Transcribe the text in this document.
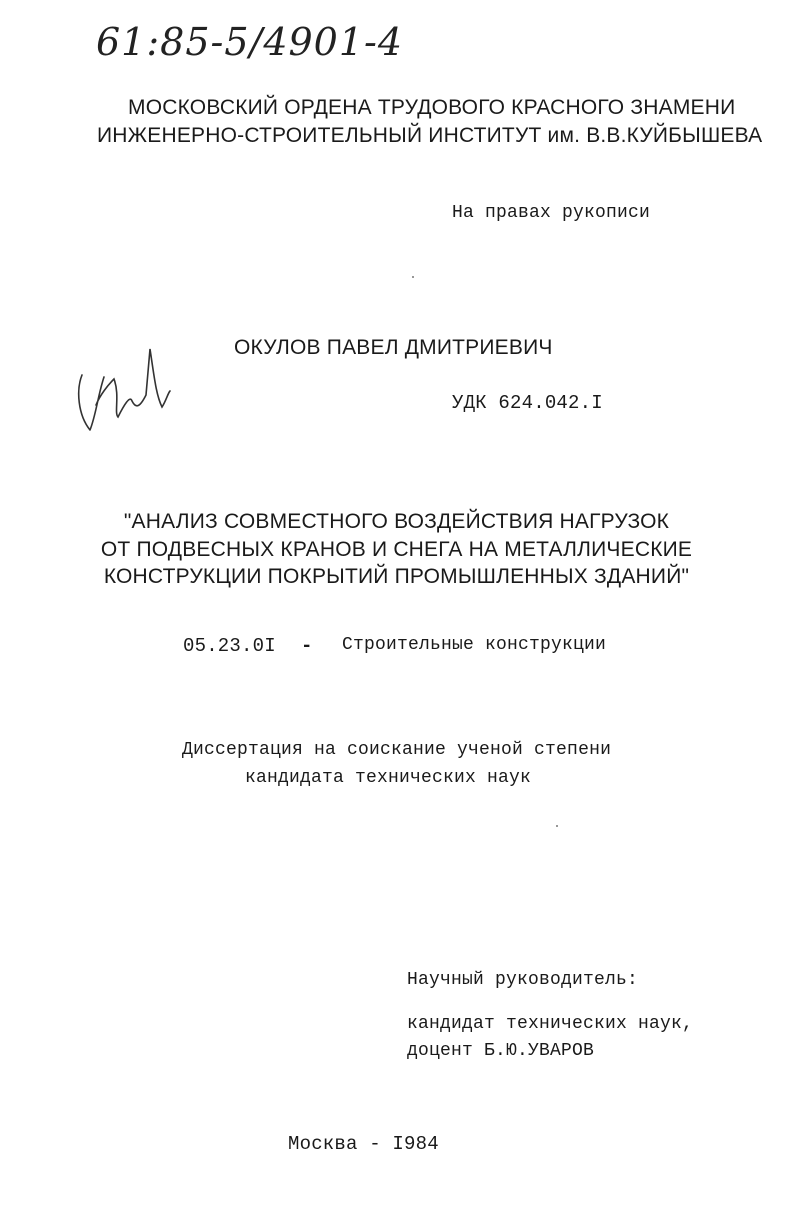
61:85-5/4901-4
МОСКОВСКИЙ ОРДЕНА ТРУДОВОГО КРАСНОГО ЗНАМЕНИ
ИНЖЕНЕРНО-СТРОИТЕЛЬНЫЙ ИНСТИТУТ им. В.В.КУЙБЫШЕВА
На правах рукописи
ОКУЛОВ ПАВЕЛ ДМИТРИЕВИЧ
УДК 624.042.I
"АНАЛИЗ СОВМЕСТНОГО ВОЗДЕЙСТВИЯ НАГРУЗОК
ОТ ПОДВЕСНЫХ КРАНОВ И СНЕГА НА МЕТАЛЛИЧЕСКИЕ
КОНСТРУКЦИИ ПОКРЫТИЙ ПРОМЫШЛЕННЫХ ЗДАНИЙ"
05.23.0I - Строительные конструкции
Диссертация на соискание ученой степени
кандидата технических наук
Научный руководитель:
кандидат технических наук,
доцент Б.Ю.УВАРОВ
Москва - I984
